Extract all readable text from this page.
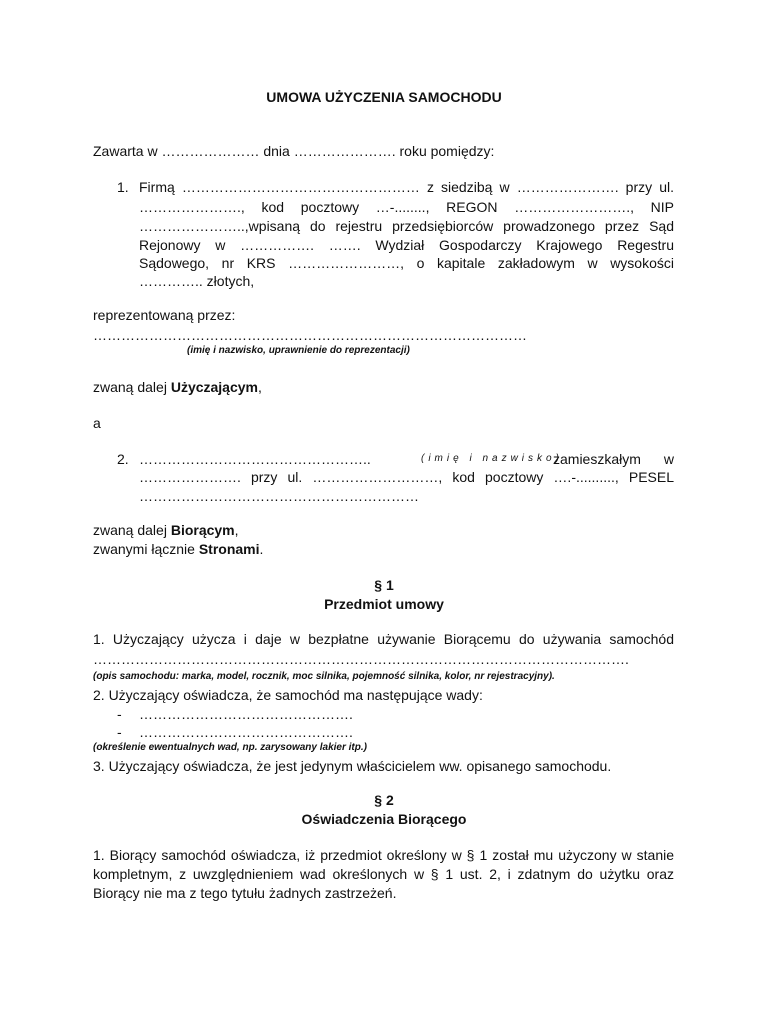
UMOWA UŻYCZENIA SAMOCHODU
Zawarta w ………………… dnia …………………. roku pomiędzy:
1. Firmą …………………………………………… z siedzibą w …………………. przy ul.
…………………., kod pocztowy …-........, REGON ……………………., NIP
…………………..,wpisaną do rejestru przedsiębiorców prowadzonego przez Sąd
Rejonowy w ……………. ……. Wydział Gospodarczy Krajowego Regestru
Sądowego, nr KRS ……………………, o kapitale zakładowym w wysokości
………….. złotych,
reprezentowaną przez:
…………………………………………………………………………………
(imię i nazwisko, uprawnienie do reprezentacji)
zwaną dalej Użyczającym,
a
2. …………………………………………..	(imię i nazwisko)
zamieszkałym w
…………………. przy ul. ………………………, kod pocztowy ….-.........., PESEL
……………………………………………………
zwaną dalej Biorącym,
zwanymi łącznie Stronami.
§ 1
Przedmiot umowy
1. Użyczający użycza i daje w bezpłatne używanie Biorącemu do używania samochód
…………………………………………………………………………………………………….
(opis samochodu: marka, model, rocznik, moc silnika, pojemność silnika, kolor, nr rejestracyjny).
2. Użyczający oświadcza, że samochód ma następujące wady:
- ……………………………………….
- ……………………………………….
(określenie ewentualnych wad, np. zarysowany lakier itp.)
3. Użyczający oświadcza, że jest jedynym właścicielem ww. opisanego samochodu.
§ 2
Oświadczenia Biorącego
1. Biorący samochód oświadcza, iż przedmiot określony w § 1 został mu użyczony w stanie
kompletnym, z uwzględnieniem wad określonych w § 1 ust. 2, i zdatnym do użytku oraz
Biorący nie ma z tego tytułu żadnych zastrzeżeń.
